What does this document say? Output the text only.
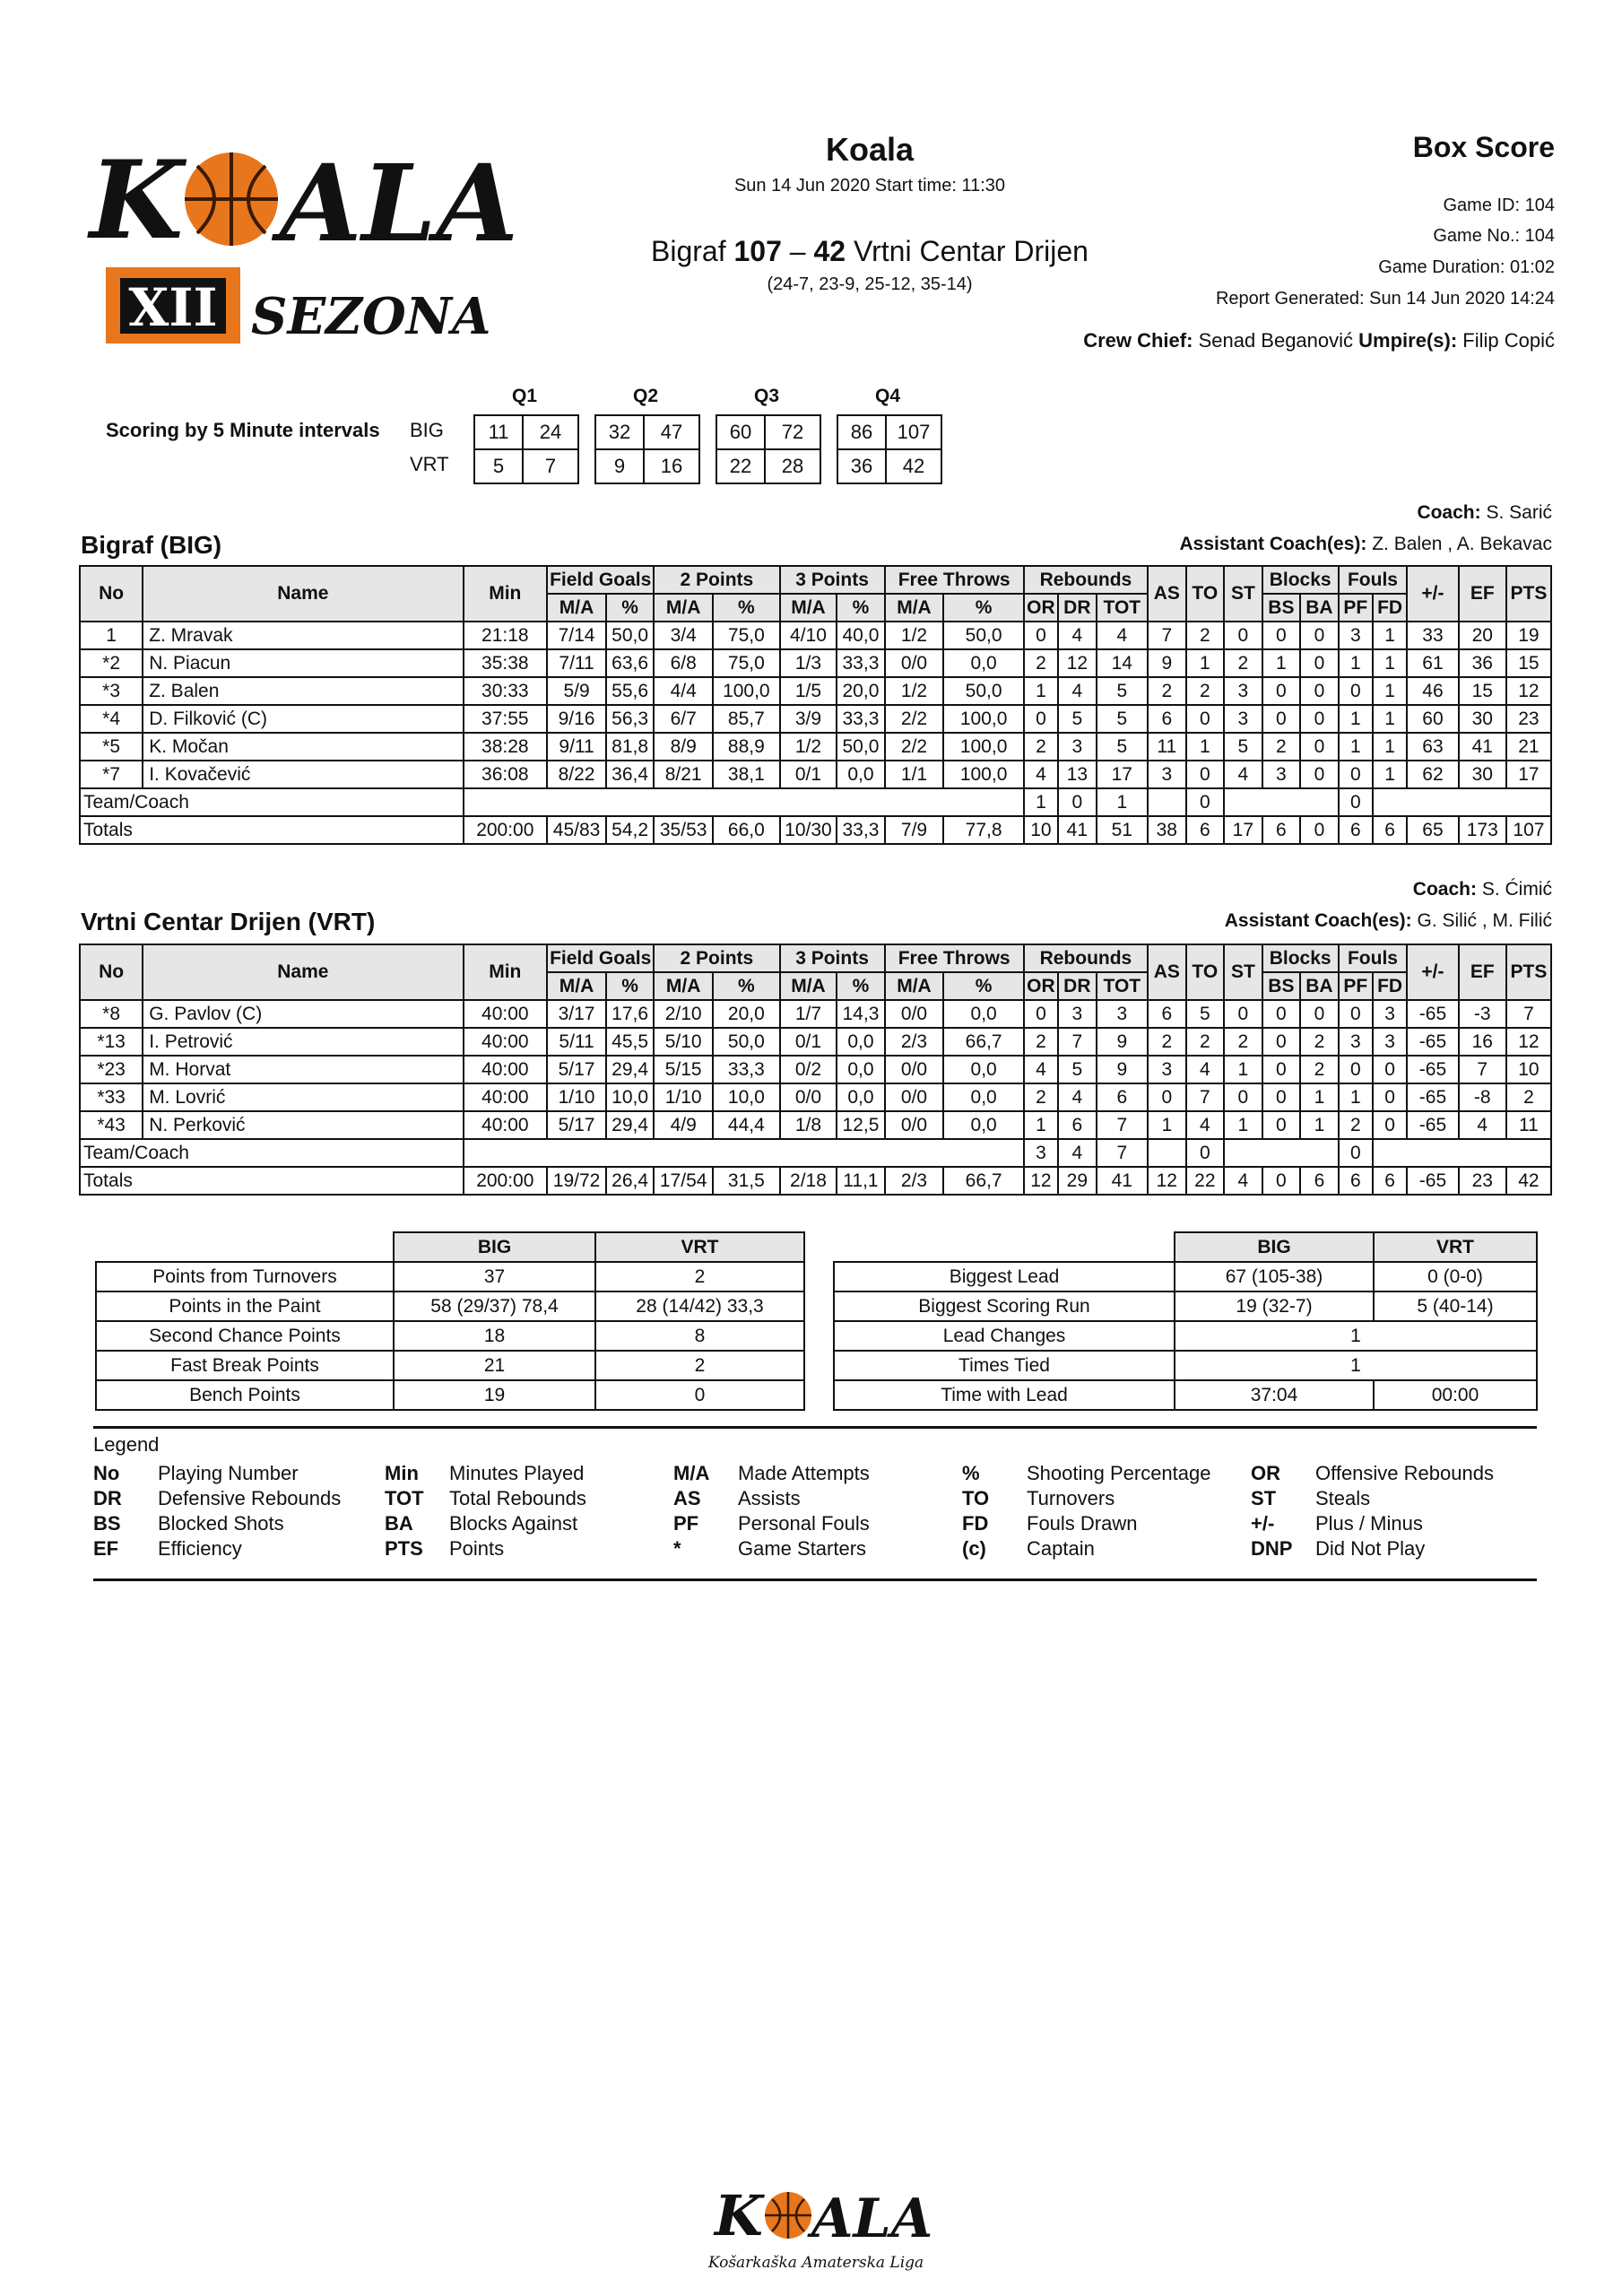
K ALA
XII SEZONA
Koala
Sun 14 Jun 2020 Start time: 11:30
Bigraf 107 – 42 Vrtni Centar Drijen
(24-7, 23-9, 25-12, 35-14)
Box Score
Game ID: 104
Game No.: 104
Game Duration: 01:02
Report Generated: Sun 14 Jun 2020 14:24
Crew Chief: Senad Beganović Umpire(s): Filip Copić
Scoring by 5 Minute intervals BIG
VRT
Q1	Q2	Q3	Q4
11	24	32	47	60	72	86	107
5	7	9	16	22	28	36	42
Coach: S. Sarić
Bigraf (BIG)	Assistant Coach(es): Z. Balen , A. Bekavac
No	Name	Min	Field Goals		2 Points		3 Points		Free Throws		Rebounds			AS	TO	ST	Blocks		Fouls		+/-	EF	PTS
			M/A	%	M/A	%	M/A	%	M/A	%	OR	DR	TOT				BS	BA	PF	FD			
1	Z. Mravak	21:18	7/14	50,0	3/4	75,0	4/10	40,0	1/2	50,0	0	4	4	7	2	0	0	0	3	1	33	20	19
*2	N. Piacun	35:38	7/11	63,6	6/8	75,0	1/3	33,3	0/0	0,0	2	12	14	9	1	2	1	0	1	1	61	36	15
*3	Z. Balen	30:33	5/9	55,6	4/4	100,0	1/5	20,0	1/2	50,0	1	4	5	2	2	3	0	0	0	1	46	15	12
*4	D. Filković (C)	37:55	9/16	56,3	6/7	85,7	3/9	33,3	2/2	100,0	0	5	5	6	0	3	0	0	1	1	60	30	23
*5	K. Močan	38:28	9/11	81,8	8/9	88,9	1/2	50,0	2/2	100,0	2	3	5	11	1	5	2	0	1	1	63	41	21
*7	I. Kovačević	36:08	8/22	36,4	8/21	38,1	0/1	0,0	1/1	100,0	4	13	17	3	0	4	3	0	0	1	62	30	17
Team/Coach											1	0	1		0				0				
Totals		200:00	45/83	54,2	35/53	66,0	10/30	33,3	7/9	77,8	10	41	51	38	6	17	6	0	6	6	65	173	107
Coach: S. Ćimić
Vrtni Centar Drijen (VRT)	Assistant Coach(es): G. Silić , M. Filić
No	Name	Min	Field Goals		2 Points		3 Points		Free Throws		Rebounds			AS	TO	ST	Blocks		Fouls		+/-	EF	PTS
			M/A	%	M/A	%	M/A	%	M/A	%	OR	DR	TOT				BS	BA	PF	FD			
*8	G. Pavlov (C)	40:00	3/17	17,6	2/10	20,0	1/7	14,3	0/0	0,0	0	3	3	6	5	0	0	0	0	3	-65	-3	7
*13	I. Petrović	40:00	5/11	45,5	5/10	50,0	0/1	0,0	2/3	66,7	2	7	9	2	2	2	0	2	3	3	-65	16	12
*23	M. Horvat	40:00	5/17	29,4	5/15	33,3	0/2	0,0	0/0	0,0	4	5	9	3	4	1	0	2	0	0	-65	7	10
*33	M. Lovrić	40:00	1/10	10,0	1/10	10,0	0/0	0,0	0/0	0,0	2	4	6	0	7	0	0	1	1	0	-65	-8	2
*43	N. Perković	40:00	5/17	29,4	4/9	44,4	1/8	12,5	0/0	0,0	1	6	7	1	4	1	0	1	2	0	-65	4	11
Team/Coach											3	4	7		0				0				
Totals		200:00	19/72	26,4	17/54	31,5	2/18	11,1	2/3	66,7	12	29	41	12	22	4	0	6	6	6	-65	23	42
	BIG	VRT
Points from Turnovers	37	2
Points in the Paint	58 (29/37) 78,4	28 (14/42) 33,3
Second Chance Points	18	8
Fast Break Points	21	2
Bench Points	19	0
	BIG	VRT
Biggest Lead	67 (105-38)	0 (0-0)
Biggest Scoring Run	19 (32-7)	5 (40-14)
Lead Changes	1	
Times Tied	1	
Time with Lead	37:04	00:00
Legend
No	Playing Number
DR	Defensive Rebounds
BS	Blocked Shots
EF	Efficiency
Min	Minutes Played
TOT	Total Rebounds
BA	Blocks Against
PTS	Points
M/A	Made Attempts
AS	Assists
PF	Personal Fouls
*	Game Starters
%	Shooting Percentage
TO	Turnovers
FD	Fouls Drawn
(c)	Captain
OR	Offensive Rebounds
ST	Steals
+/-	Plus / Minus
DNP	Did Not Play
K ALA
Košarkaška Amaterska Liga
